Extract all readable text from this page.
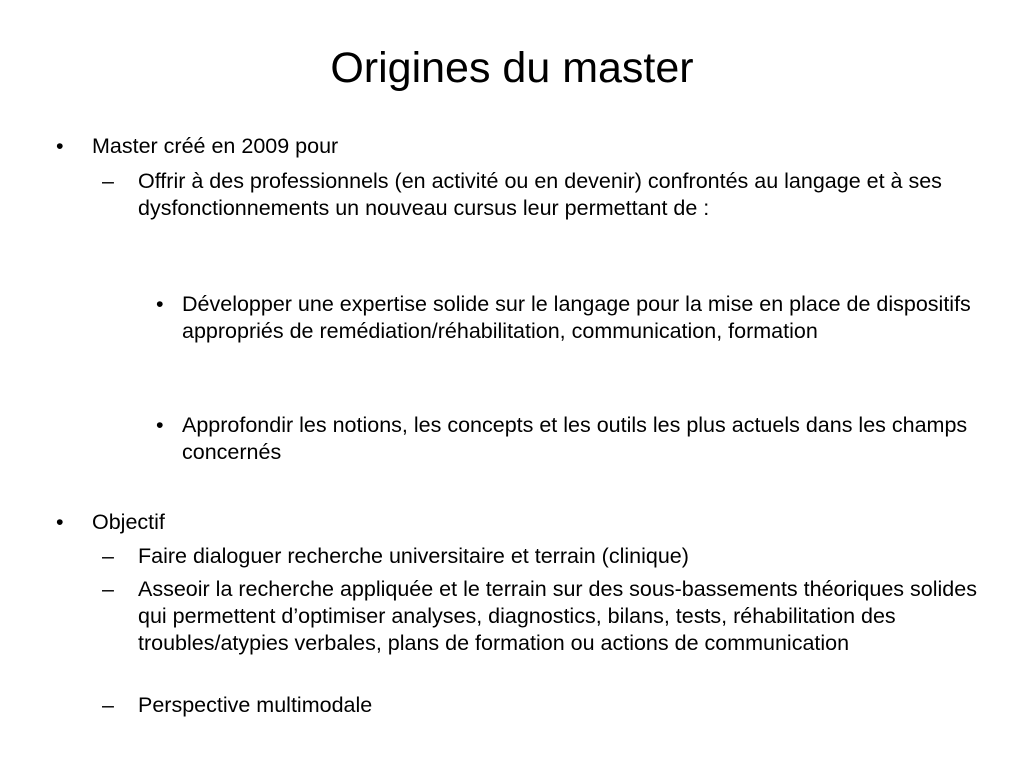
Origines du master
• Master créé en 2009 pour
– Offrir à des professionnels (en activité ou en devenir) confrontés au langage et à ses dysfonctionnements un nouveau cursus leur permettant de :
• Développer une expertise solide sur le langage pour la mise en place de dispositifs appropriés de remédiation/réhabilitation, communication, formation
• Approfondir les notions, les concepts et les outils les plus actuels dans les champs concernés
• Objectif
– Faire dialoguer recherche universitaire et terrain (clinique)
– Asseoir la recherche appliquée et le terrain sur des sous-bassements théoriques solides qui permettent d’optimiser analyses, diagnostics, bilans, tests, réhabilitation des troubles/atypies verbales, plans de formation ou actions de communication
– Perspective multimodale
